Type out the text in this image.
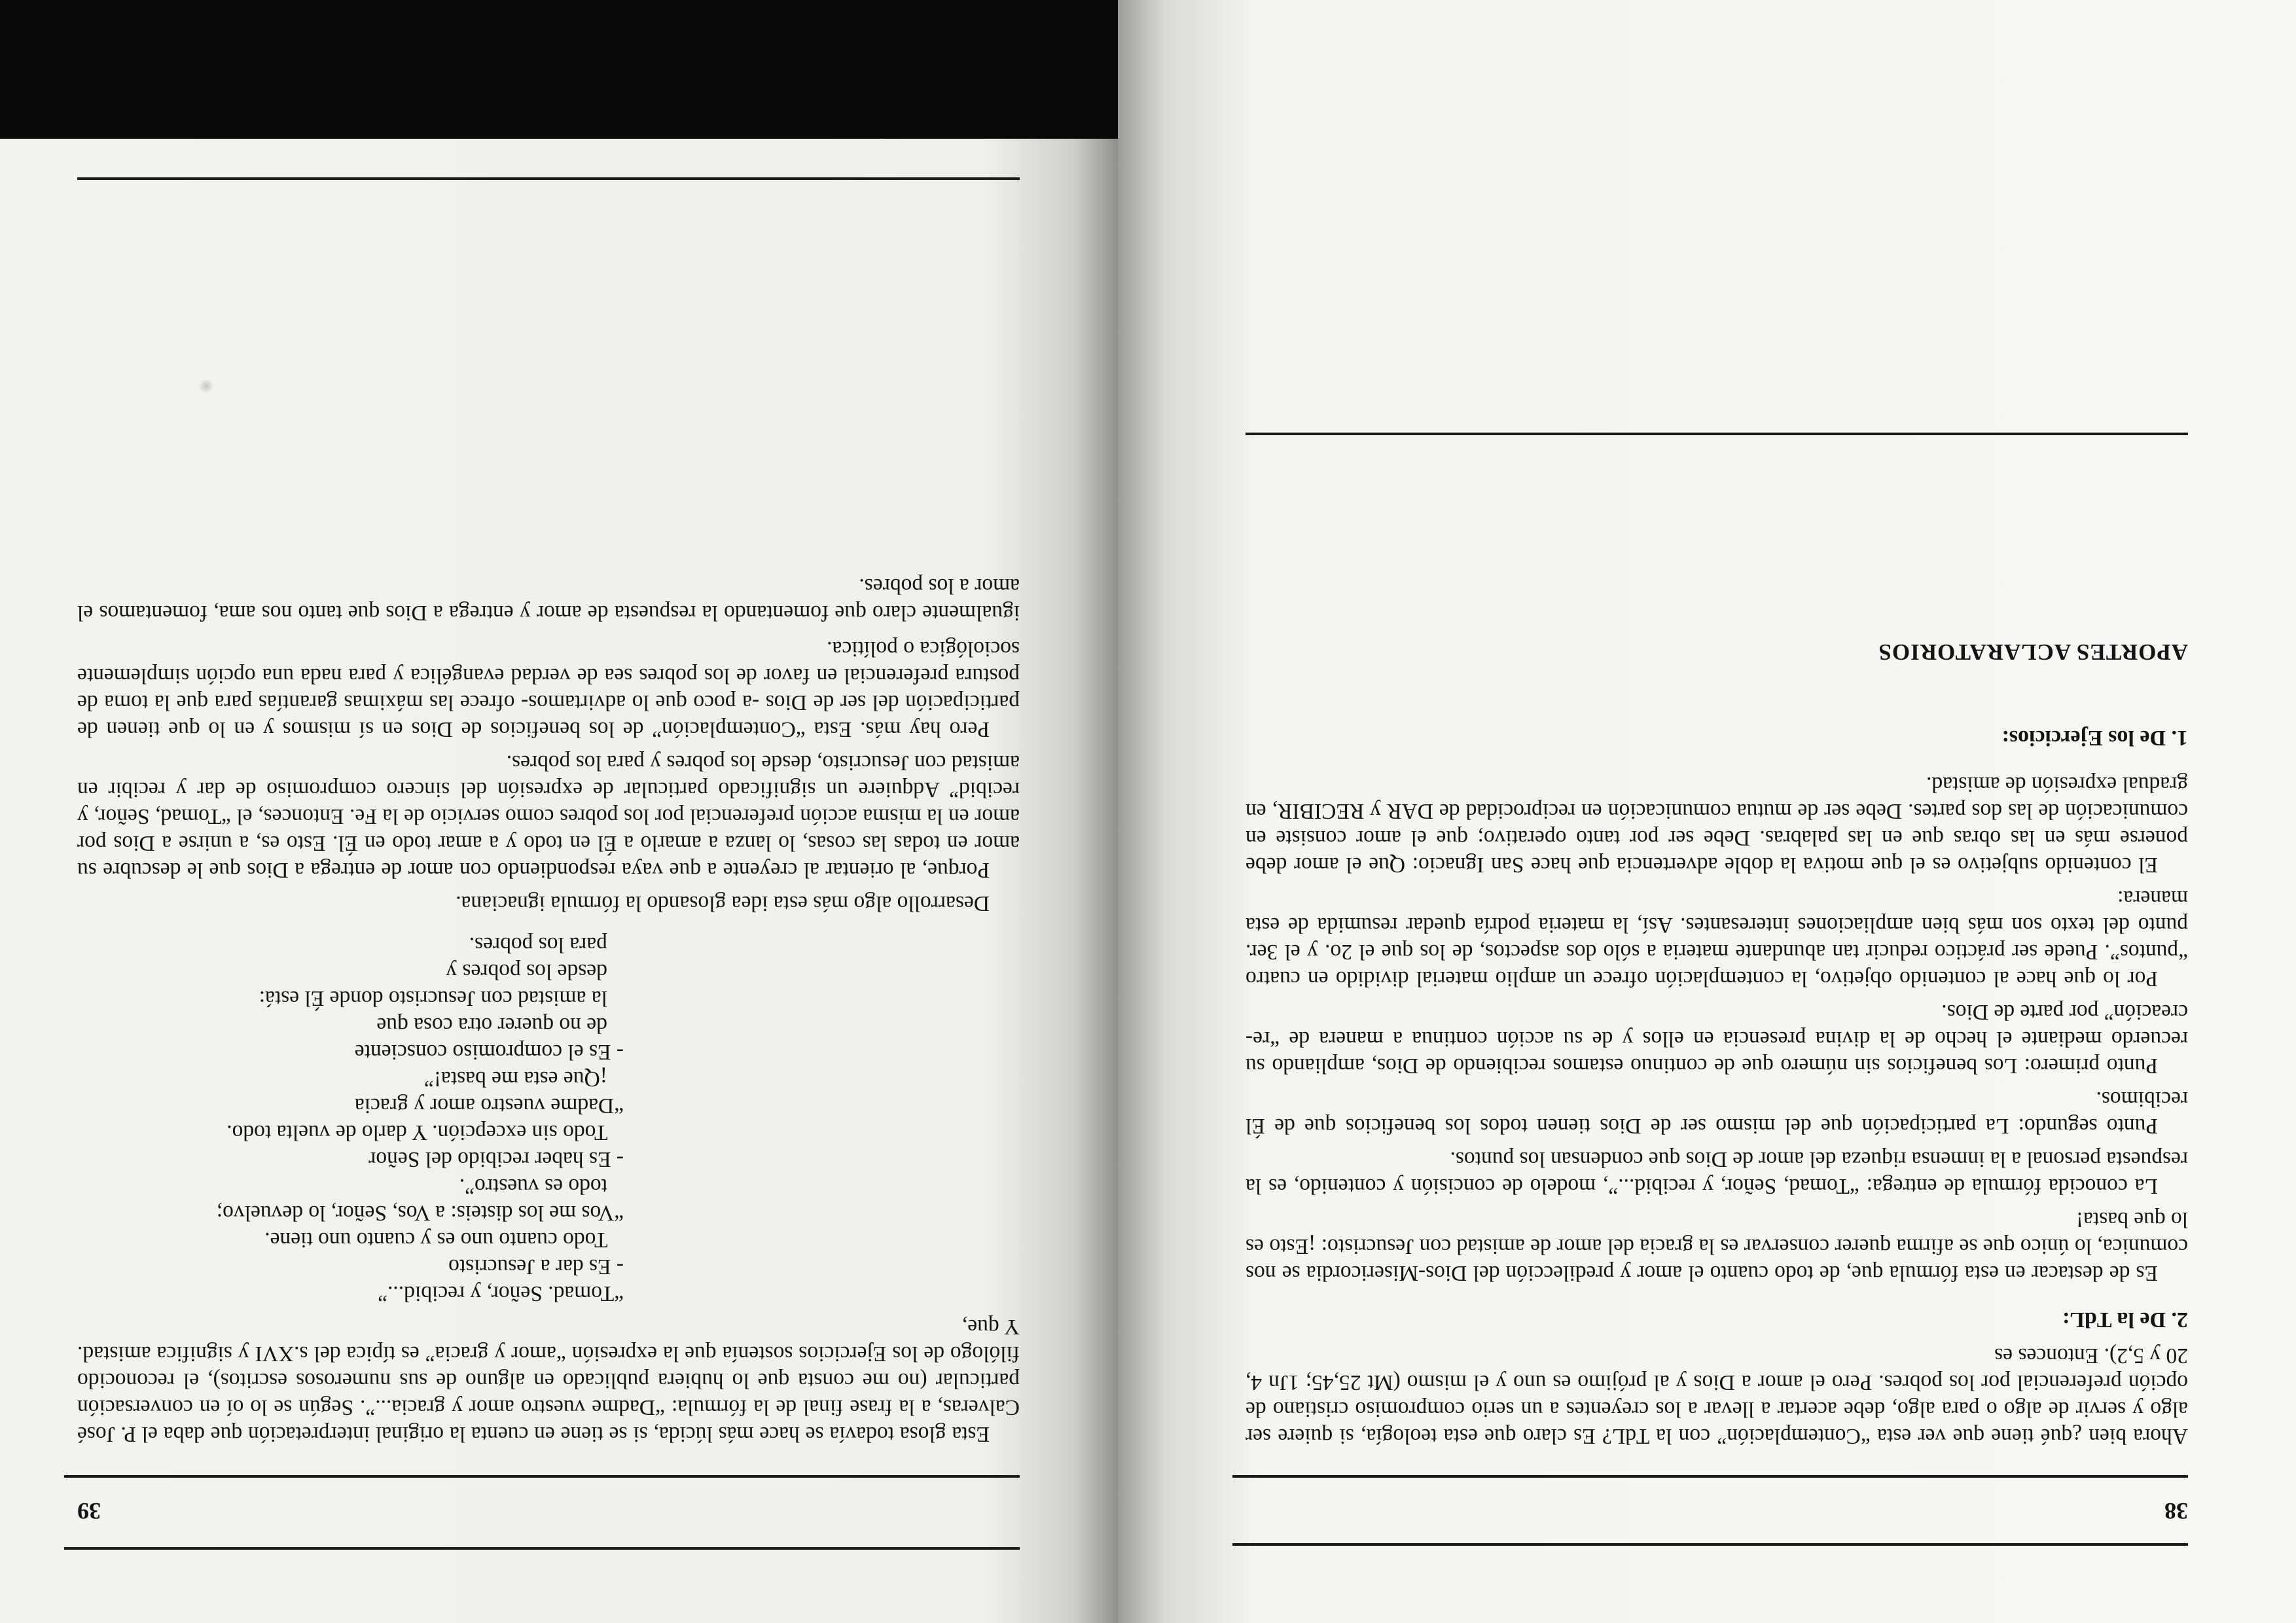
38

Ahora bien ¿qué tiene que ver esta “Contemplación” con la TdL? Es claro que esta teología, si quiere ser algo y servir de algo o para algo, debe acertar a llevar a los creyentes a un serio compromiso cristiano de opción preferencial por los pobres. Pero el amor a Dios y al prójimo es uno y el mismo (Mt 25,45; 1Jn 4, 20 y 5,2). Entonces es

2. De la TdL:

Es de destacar en esta fórmula que, de todo cuanto el amor y predilección del Dios-Misericordia se nos comunica, lo único que se afirma querer conservar es la gracia del amor de amistad con Jesucristo: ¡Esto es lo que basta!

La conocida fórmula de entrega: “Tomad, Señor, y recibid...”, modelo de concisión y contenido, es la respuesta personal a la inmensa riqueza del amor de Dios que condensan los puntos.

Punto segundo: La participación que del mismo ser de Dios tienen todos los beneficios que de Él recibimos.

Punto primero: Los beneficios sin número que de continuo estamos recibiendo de Dios, ampliando su recuerdo mediante el hecho de la divina presencia en ellos y de su acción continua a manera de “re-creación” por parte de Dios.

Por lo que hace al contenido objetivo, la contemplación ofrece un amplio material dividido en cuatro “puntos”. Puede ser práctico reducir tan abundante materia a sólo dos aspectos, de los que el 2o. y el 3er. punto del texto son más bien ampliaciones interesantes. Así, la materia podría quedar resumida de esta manera:

El contenido subjetivo es el que motiva la doble advertencia que hace San Ignacio: Que el amor debe ponerse más en las obras que en las palabras. Debe ser por tanto operativo; que el amor consiste en comunicación de las dos partes. Debe ser de mutua comunicación en reciprocidad de DAR y RECIBIR, en gradual expresión de amistad.

1. De los Ejercicios:
APORTES ACLARATORIOS
39

Esta glosa todavía se hace más lúcida, si se tiene en cuenta la original interpretación que daba el P. José Calveras, a la frase final de la fórmula: “Dadme vuestro amor y gracia...”. Según se lo oí en conversación particular (no me consta que lo hubiera publicado en alguno de sus numerosos escritos), el reconocido filólogo de los Ejercicios sostenía que la expresión “amor y gracia” es típica del s.XVI y significa amistad. Y que,

“Tomad. Señor, y recibid...”
- Es dar a Jesucristo
Todo cuanto uno es y cuanto uno tiene.
“Vos me los disteis: a Vos, Señor, lo devuelvo;
todo es vuestro”.
- Es haber recibido del Señor
Todo sin excepción. Y darlo de vuelta todo.
“Dadme vuestro amor y gracia
¡Que esta me basta!”
- Es el compromiso consciente
de no querer otra cosa que
la amistad con Jesucristo donde Él está:
desde los pobres y
para los pobres.

Desarrollo algo más esta idea glosando la fórmula ignaciana.

Porque, al orientar al creyente a que vaya respondiendo con amor de entrega a Dios que le descubre su amor en todas las cosas, lo lanza a amarlo a Él en todo y a amar todo en Él. Esto es, a unirse a Dios por amor en la misma acción preferencial por los pobres como servicio de la Fe. Entonces, el “Tomad, Señor, y recibid” Adquiere un significado particular de expresión del sincero compromiso de dar y recibir en amistad con Jesucristo, desde los pobres y para los pobres.

Pero hay más. Esta “Contemplación” de los beneficios de Dios en sí mismos y en lo que tienen de participación del ser de Dios -a poco que lo advirtamos- ofrece las máximas garantías para que la toma de postura preferencial en favor de los pobres sea de verdad evangélica y para nada una opción simplemente sociológica o política.

igualmente claro que fomentando la respuesta de amor y entrega a Dios que tanto nos ama, fomentamos el amor a los pobres.
